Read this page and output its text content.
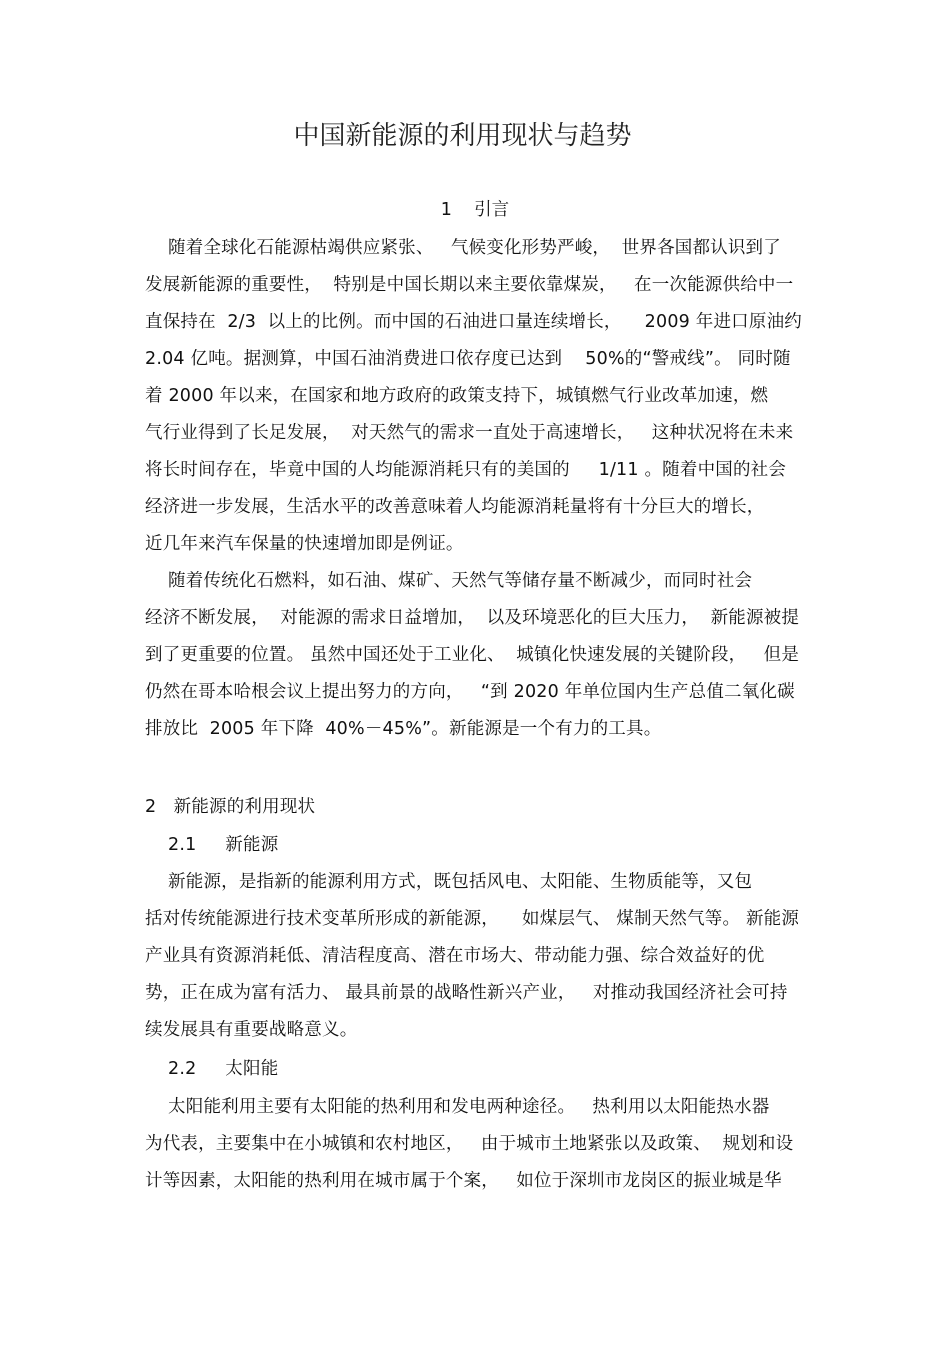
中国新能源的利用现状与趋势
1    引言
随着全球化石能源枯竭供应紧张、   气候变化形势严峻，  世界各国都认识到了
发展新能源的重要性，  特别是中国长期以来主要依靠煤炭，   在一次能源供给中一
直保持在  2/3  以上的比例。而中国的石油进口量连续增长，    2009 年进口原油约
2.04 亿吨。据测算，中国石油消费进口依存度已达到    50%的“警戒线”。 同时随
着 2000 年以来，在国家和地方政府的政策支持下，城镇燃气行业改革加速，燃
气行业得到了长足发展，  对天然气的需求一直处于高速增长，   这种状况将在未来
将长时间存在，毕竟中国的人均能源消耗只有的美国的     1/11 。随着中国的社会
经济进一步发展，生活水平的改善意味着人均能源消耗量将有十分巨大的增长，
近几年来汽车保量的快速增加即是例证。
随着传统化石燃料，如石油、煤矿、天然气等储存量不断减少，而同时社会
经济不断发展，  对能源的需求日益增加，  以及环境恶化的巨大压力，  新能源被提
到了更重要的位置。 虽然中国还处于工业化、  城镇化快速发展的关键阶段，   但是
仍然在哥本哈根会议上提出努力的方向，   “到 2020 年单位国内生产总值二氧化碳
排放比  2005 年下降  40%－45%”。新能源是一个有力的工具。
2   新能源的利用现状
2.1     新能源
新能源，是指新的能源利用方式，既包括风电、太阳能、生物质能等，又包
括对传统能源进行技术变革所形成的新能源，    如煤层气、 煤制天然气等。 新能源
产业具有资源消耗低、清洁程度高、潜在市场大、带动能力强、综合效益好的优
势，正在成为富有活力、 最具前景的战略性新兴产业，   对推动我国经济社会可持
续发展具有重要战略意义。
2.2     太阳能
太阳能利用主要有太阳能的热利用和发电两种途径。   热利用以太阳能热水器
为代表，主要集中在小城镇和农村地区，   由于城市土地紧张以及政策、  规划和设
计等因素，太阳能的热利用在城市属于个案，   如位于深圳市龙岗区的振业城是华
